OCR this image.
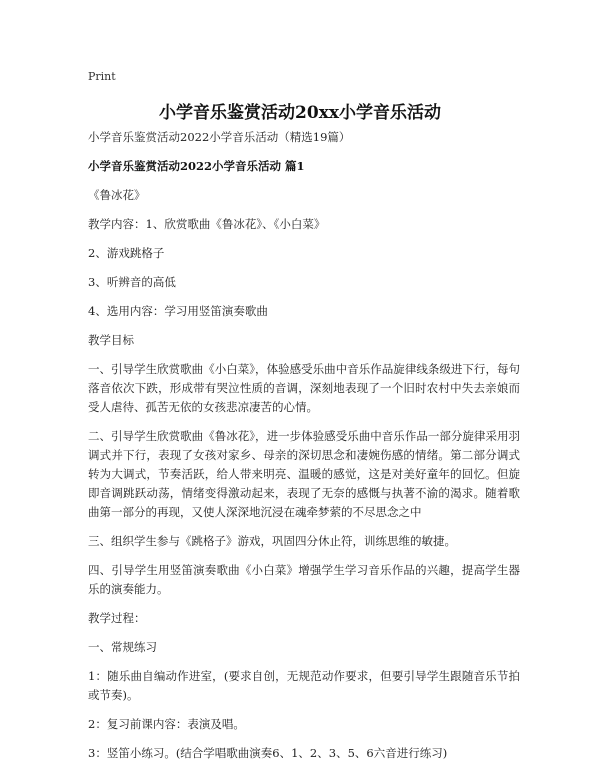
Print
小学音乐鉴赏活动20xx小学音乐活动

小学音乐鉴赏活动2022小学音乐活动（精选19篇）

小学音乐鉴赏活动2022小学音乐活动 篇1

《鲁冰花》

教学内容：1、欣赏歌曲《鲁冰花》、《小白菜》

2、游戏跳格子

3、听辨音的高低

4、选用内容：学习用竖笛演奏歌曲

教学目标

一、引导学生欣赏歌曲《小白菜》，体验感受乐曲中音乐作品旋律线条级进下行，每句落音依次下跌，形成带有哭泣性质的音调，深刻地表现了一个旧时农村中失去亲娘而受人虐待、孤苦无依的女孩悲凉凄苦的心情。

二、引导学生欣赏歌曲《鲁冰花》，进一步体验感受乐曲中音乐作品一部分旋律采用羽调式并下行，表现了女孩对家乡、母亲的深切思念和凄婉伤感的情绪。第二部分调式转为大调式，节奏活跃，给人带来明亮、温暖的感觉，这是对美好童年的回忆。但旋即音调跳跃动荡，情绪变得激动起来，表现了无奈的感慨与执著不渝的渴求。随着歌曲第一部分的再现，又使人深深地沉浸在魂牵梦萦的不尽思念之中

三、组织学生参与《跳格子》游戏，巩固四分休止符，训练思维的敏捷。

四、引导学生用竖笛演奏歌曲《小白菜》增强学生学习音乐作品的兴趣，提高学生器乐的演奏能力。

教学过程：

一、常规练习

1：随乐曲自编动作进室，(要求自创，无规范动作要求，但要引导学生跟随音乐节拍或节奏)。

2：复习前课内容：表演及唱。

3：竖笛小练习。(结合学唱歌曲演奏6、1、2、3、5、6六音进行练习)
